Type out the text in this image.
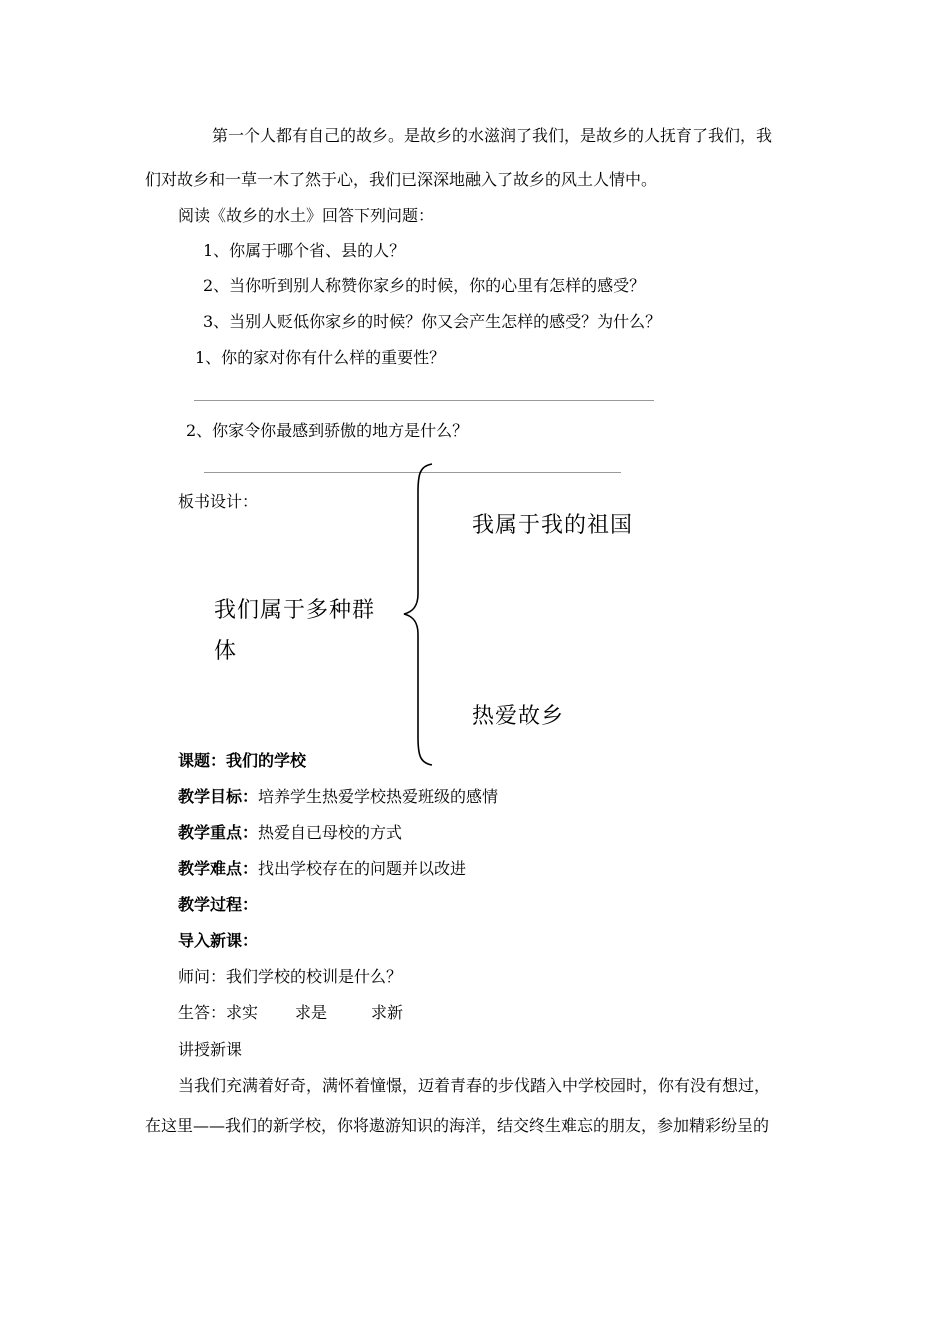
第一个人都有自己的故乡。是故乡的水滋润了我们，是故乡的人抚育了我们，我
们对故乡和一草一木了然于心，我们已深深地融入了故乡的风土人情中。
阅读《故乡的水土》回答下列问题：
1、你属于哪个省、县的人？
2、当你听到别人称赞你家乡的时候，你的心里有怎样的感受？
3、当别人贬低你家乡的时候？你又会产生怎样的感受？为什么？
1、你的家对你有什么样的重要性？
2、你家令你最感到骄傲的地方是什么？
板书设计：
我们属于多种群
体
我属于我的祖国
热爱故乡
课题：我们的学校
教学目标：培养学生热爱学校热爱班级的感情
教学重点：热爱自已母校的方式
教学难点：找出学校存在的问题并以改进
教学过程：
导入新课：
师问：我们学校的校训是什么？
生答：求实 求是	求新
讲授新课
当我们充满着好奇，满怀着憧憬，迈着青春的步伐踏入中学校园时，你有没有想过，
在这里——我们的新学校，你将遨游知识的海洋，结交终生难忘的朋友，参加精彩纷呈的
